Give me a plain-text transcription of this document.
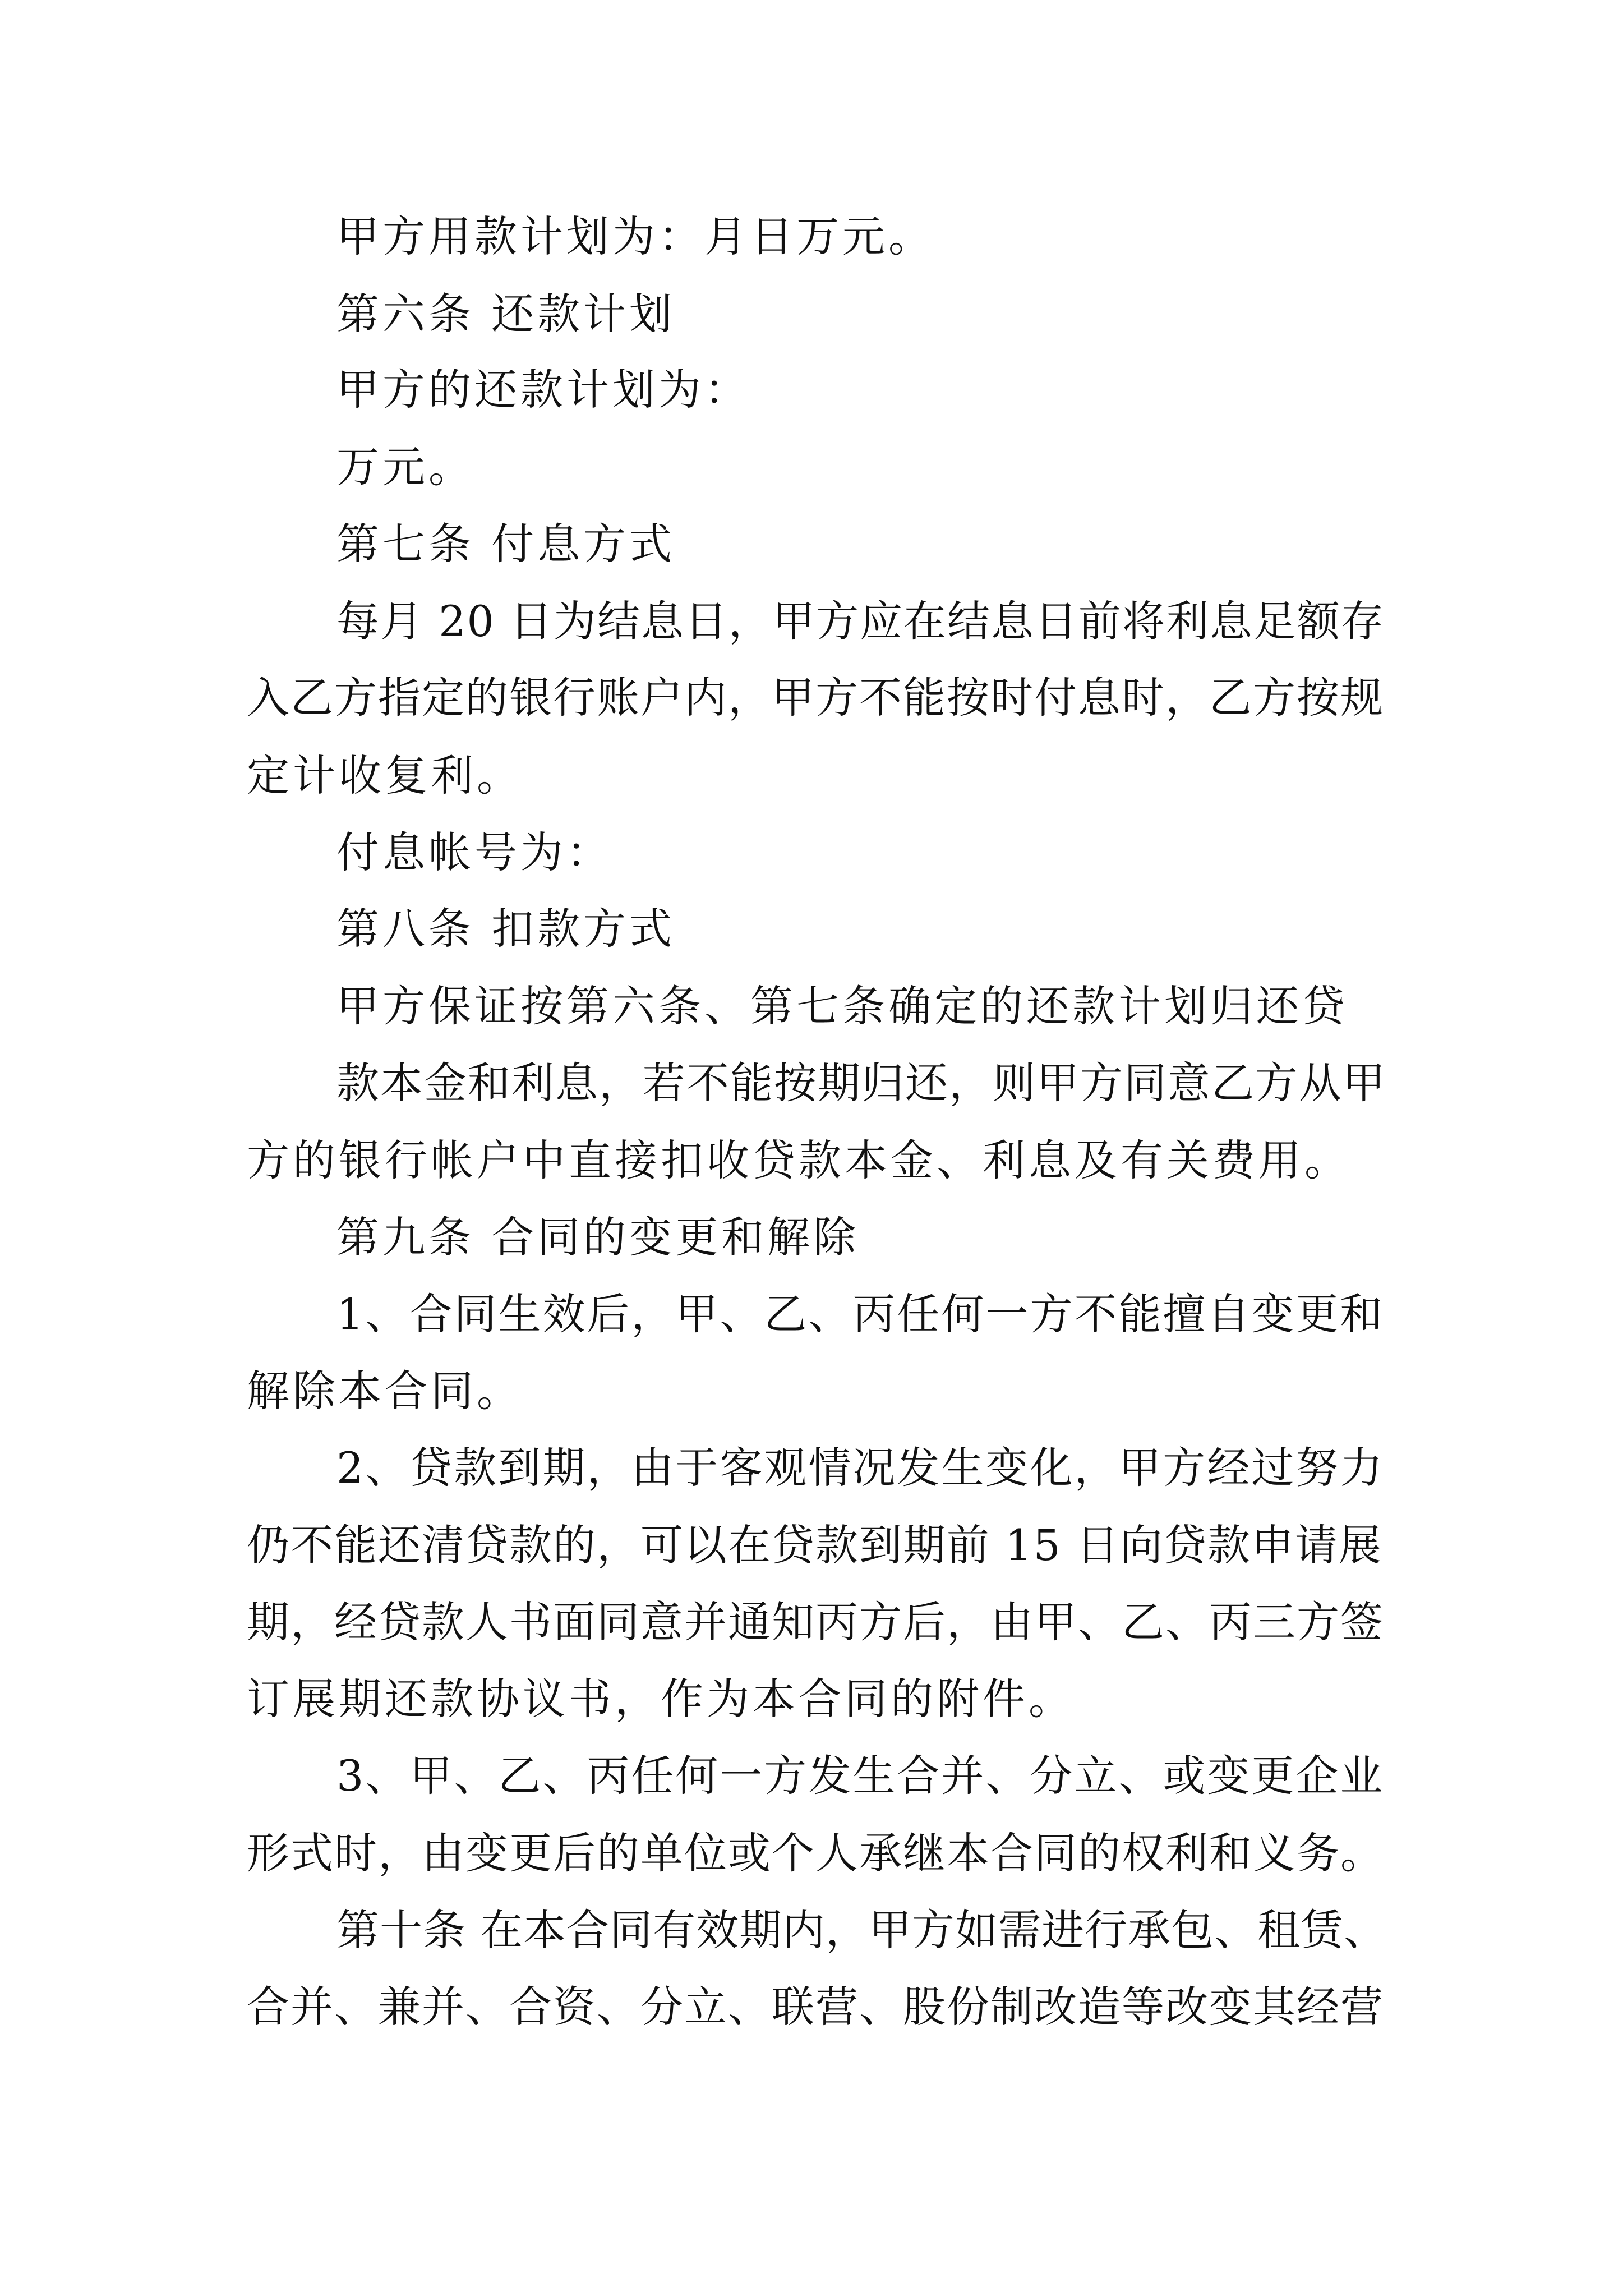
甲方用款计划为：月日万元。
第六条 还款计划
甲方的还款计划为：
万元。
第七条 付息方式
每月 20 日为结息日，甲方应在结息日前将利息足额存
入乙方指定的银行账户内，甲方不能按时付息时，乙方按规
定计收复利。
付息帐号为：
第八条 扣款方式
甲方保证按第六条、第七条确定的还款计划归还贷
款本金和利息，若不能按期归还，则甲方同意乙方从甲
方的银行帐户中直接扣收贷款本金、利息及有关费用。
第九条 合同的变更和解除
1、合同生效后，甲、乙、丙任何一方不能擅自变更和
解除本合同。
2、贷款到期，由于客观情况发生变化，甲方经过努力
仍不能还清贷款的，可以在贷款到期前 15 日向贷款申请展
期，经贷款人书面同意并通知丙方后，由甲、乙、丙三方签
订展期还款协议书，作为本合同的附件。
3、甲、乙、丙任何一方发生合并、分立、或变更企业
形式时，由变更后的单位或个人承继本合同的权利和义务。
第十条 在本合同有效期内，甲方如需进行承包、租赁、
合并、兼并、合资、分立、联营、股份制改造等改变其经营
